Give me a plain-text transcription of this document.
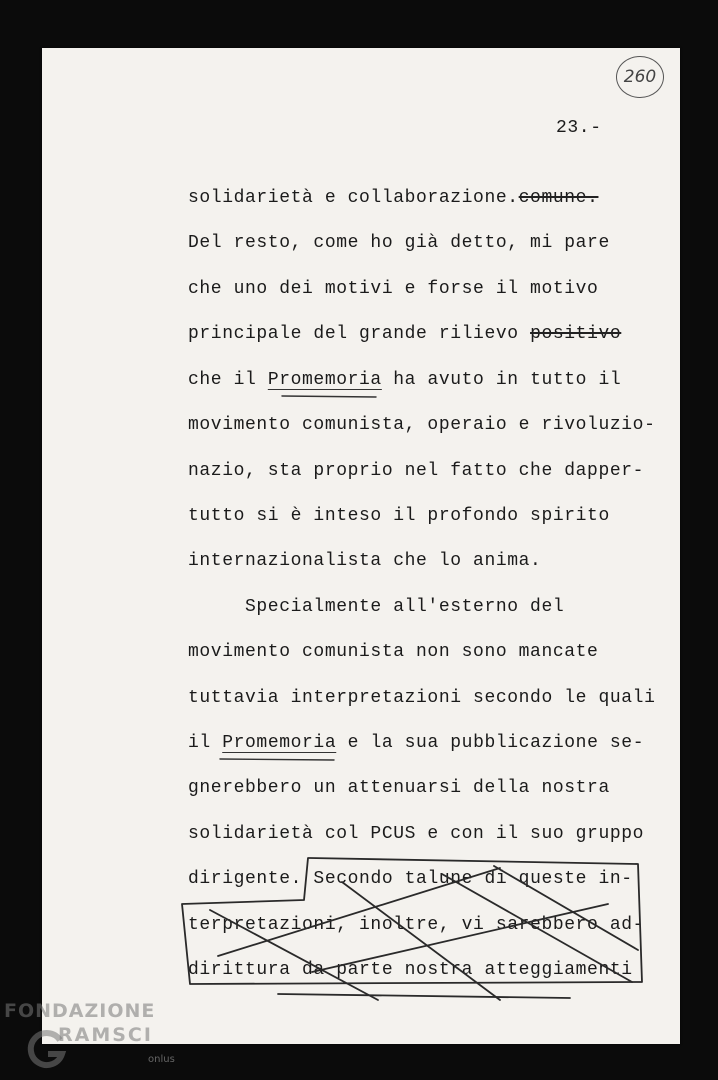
260
23.-
solidarietà e collaborazione.comune.
Del resto, come ho già detto, mi pare
che uno dei motivi e forse il motivo
principale del grande rilievo positivo
che il Promemoria ha avuto in tutto il
movimento comunista, operaio e rivoluzio-
nazio, sta proprio nel fatto che dapper-
tutto si è inteso il profondo spirito
internazionalista che lo anima.
Specialmente all'esterno del
movimento comunista non sono mancate
tuttavia interpretazioni secondo le quali
il Promemoria e la sua pubblicazione se-
gnerebbero un attenuarsi della nostra
solidarietà col PCUS e con il suo gruppo
dirigente. Secondo talune di queste in-
terpretazioni, inoltre, vi sarebbero ad-
dirittura da parte nostra atteggiamenti
FONDAZIONE
RAMSCI
onlus
